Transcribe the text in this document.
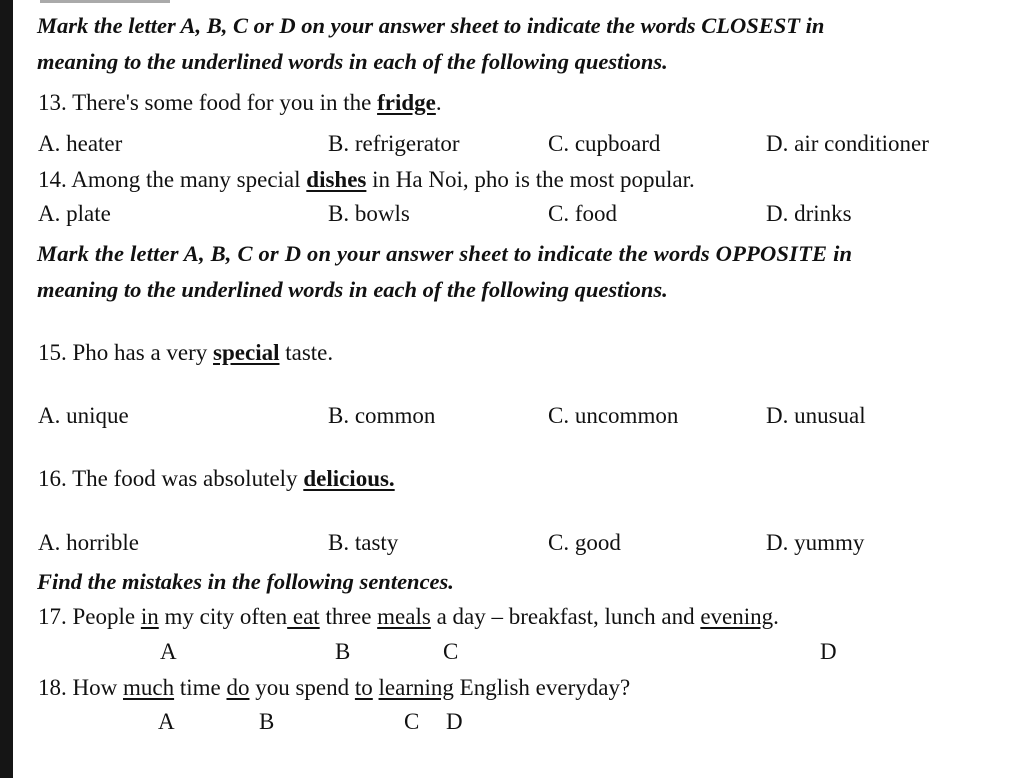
Mark the letter A, B, C or D on your answer sheet to indicate the words CLOSEST in
meaning to the underlined words in each of the following questions.
13. There's some food for you in the fridge.
A. heater	B. refrigerator	C. cupboard	D. air conditioner
14. Among the many special dishes in Ha Noi, pho is the most popular.
A. plate	B. bowls	C. food	D. drinks
Mark the letter A, B, C or D on your answer sheet to indicate the words OPPOSITE in
meaning to the underlined words in each of the following questions.
15. Pho has a very special taste.
A. unique	B. common	C. uncommon	D. unusual
16. The food was absolutely delicious.
A. horrible	B. tasty	C. good	D. yummy
Find the mistakes in the following sentences.
17. People in my city often eat three meals a day – breakfast, lunch and evening.
A	B	C	D
18. How much time do you spend to learning English everyday?
A	B	C D
